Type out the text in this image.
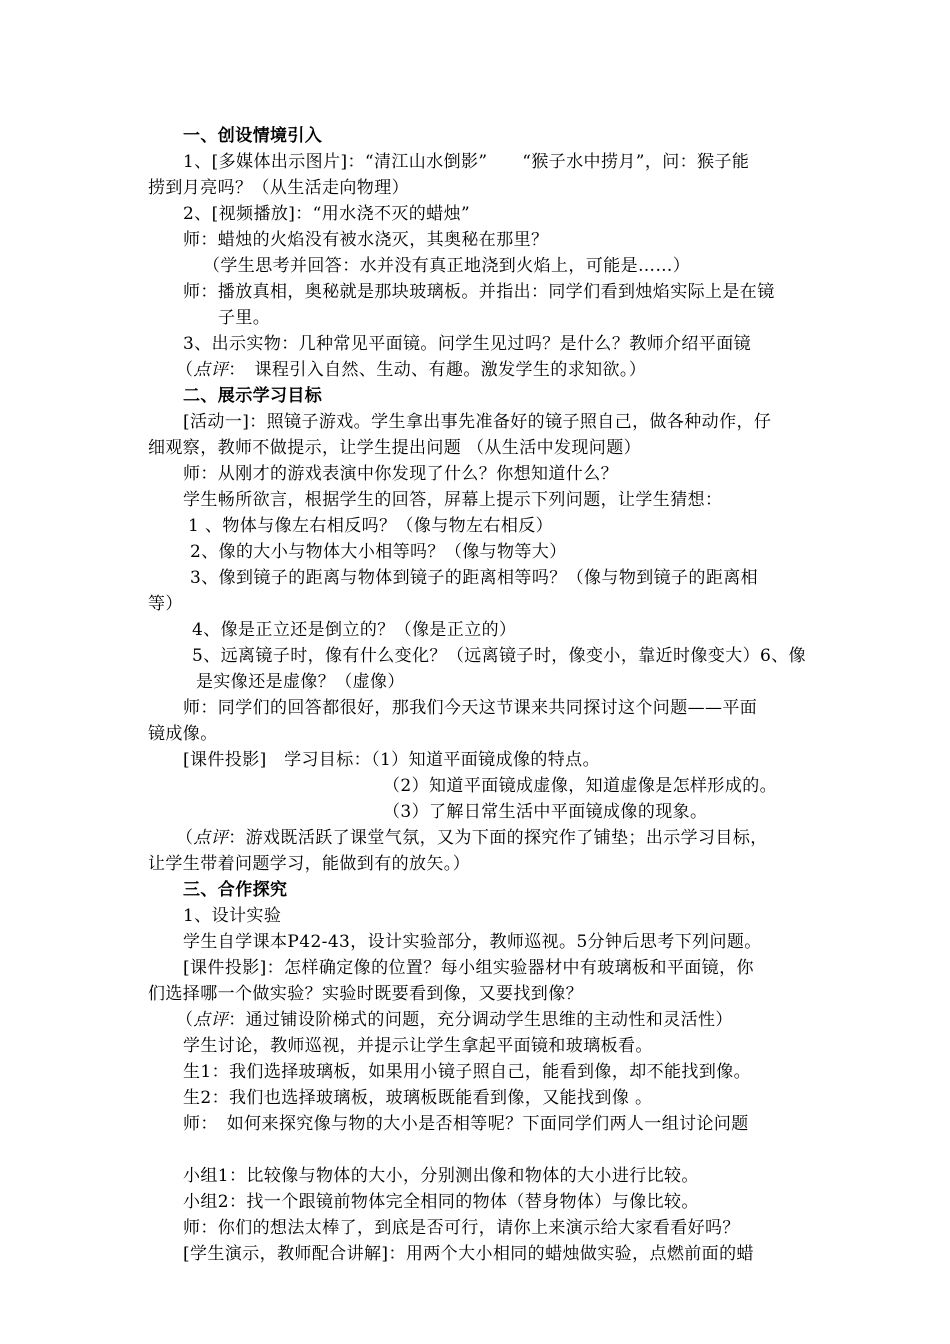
一、创设情境引入
1、[多媒体出示图片]：“清江山水倒影”　　“猴子水中捞月”，问：猴子能
捞到月亮吗？（从生活走向物理）
2、[视频播放]：“用水浇不灭的蜡烛”
师：蜡烛的火焰没有被水浇灭，其奥秘在那里？
（学生思考并回答：水并没有真正地浇到火焰上，可能是……）
师：播放真相，奥秘就是那块玻璃板。并指出：同学们看到烛焰实际上是在镜
子里。
3、出示实物：几种常见平面镜。问学生见过吗？是什么？教师介绍平面镜
（点评：　课程引入自然、生动、有趣。激发学生的求知欲。）
二、展示学习目标
[活动一]：照镜子游戏。学生拿出事先准备好的镜子照自己，做各种动作，仔
细观察，教师不做提示，让学生提出问题 （从生活中发现问题）
师：从刚才的游戏表演中你发现了什么？你想知道什么？
学生畅所欲言，根据学生的回答，屏幕上提示下列问题，让学生猜想：
1 、物体与像左右相反吗？（像与物左右相反）
2、像的大小与物体大小相等吗？（像与物等大）
3、像到镜子的距离与物体到镜子的距离相等吗？（像与物到镜子的距离相
等）
4、像是正立还是倒立的？（像是正立的）
5、远离镜子时，像有什么变化？（远离镜子时，像变小，靠近时像变大）6、像
是实像还是虚像？（虚像）
师：同学们的回答都很好，那我们今天这节课来共同探讨这个问题——平面
镜成像。
[课件投影]　学习目标：（1）知道平面镜成像的特点。
（2）知道平面镜成虚像，知道虚像是怎样形成的。
（3）了解日常生活中平面镜成像的现象。
（点评：游戏既活跃了课堂气氛，又为下面的探究作了铺垫；出示学习目标，
让学生带着问题学习，能做到有的放矢。）
三、合作探究
1、设计实验
学生自学课本P42-43，设计实验部分，教师巡视。5分钟后思考下列问题。
[课件投影]：怎样确定像的位置？每小组实验器材中有玻璃板和平面镜，你
们选择哪一个做实验？实验时既要看到像，又要找到像？
（点评：通过铺设阶梯式的问题，充分调动学生思维的主动性和灵活性）
学生讨论，教师巡视，并提示让学生拿起平面镜和玻璃板看。
生1：我们选择玻璃板，如果用小镜子照自己，能看到像，却不能找到像。
生2：我们也选择玻璃板，玻璃板既能看到像，又能找到像 。
师：　如何来探究像与物的大小是否相等呢？下面同学们两人一组讨论问题
小组1：比较像与物体的大小，分别测出像和物体的大小进行比较。
小组2：找一个跟镜前物体完全相同的物体（替身物体）与像比较。
师：你们的想法太棒了，到底是否可行，请你上来演示给大家看看好吗？
[学生演示，教师配合讲解]：用两个大小相同的蜡烛做实验，点燃前面的蜡
